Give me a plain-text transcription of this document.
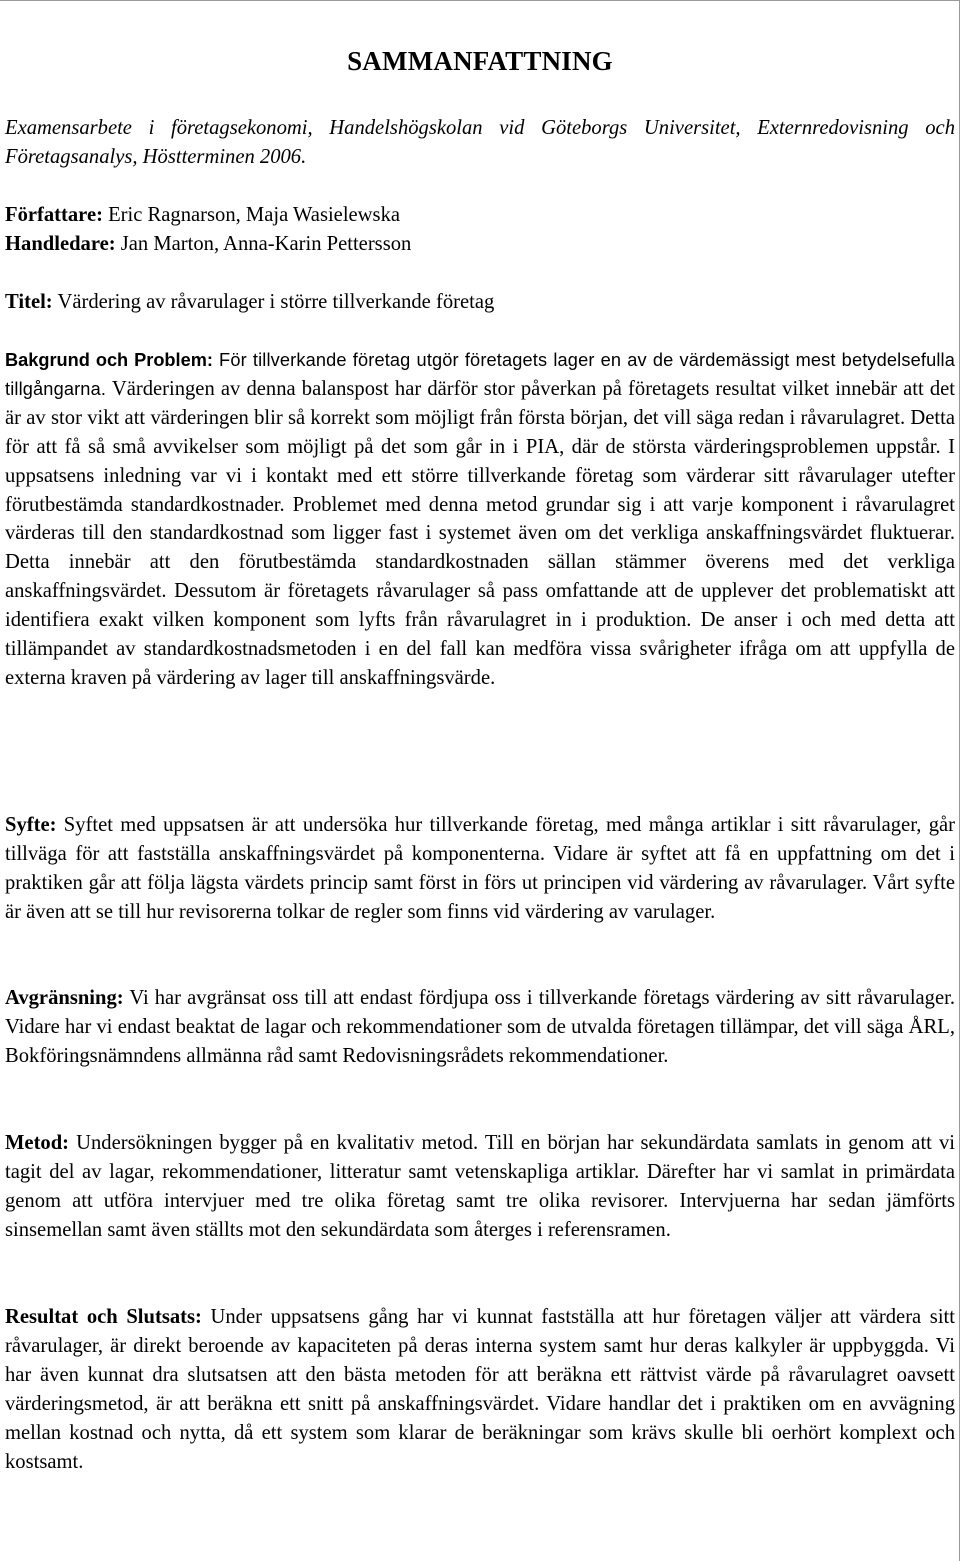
SAMMANFATTNING

Examensarbete i företagsekonomi, Handelshögskolan vid Göteborgs Universitet, Externredovisning och Företagsanalys, Höstterminen 2006.

Författare: Eric Ragnarson, Maja Wasielewska

Handledare: Jan Marton, Anna-Karin Pettersson

Titel: Värdering av råvarulager i större tillverkande företag

Bakgrund och Problem: För tillverkande företag utgör företagets lager en av de värdemässigt mest betydelsefulla tillgångarna. Värderingen av denna balanspost har därför stor påverkan på företagets resultat vilket innebär att det är av stor vikt att värderingen blir så korrekt som möjligt från första början, det vill säga redan i råvarulagret. Detta för att få så små avvikelser som möjligt på det som går in i PIA, där de största värderingsproblemen uppstår. I uppsatsens inledning var vi i kontakt med ett större tillverkande företag som värderar sitt råvarulager utefter förutbestämda standardkostnader. Problemet med denna metod grundar sig i att varje komponent i råvarulagret värderas till den standardkostnad som ligger fast i systemet även om det verkliga anskaffningsvärdet fluktuerar. Detta innebär att den förutbestämda standardkostnaden sällan stämmer överens med det verkliga anskaffningsvärdet. Dessutom är företagets råvarulager så pass omfattande att de upplever det problematiskt att identifiera exakt vilken komponent som lyfts från råvarulagret in i produktion. De anser i och med detta att tillämpandet av standardkostnadsmetoden i en del fall kan medföra vissa svårigheter ifråga om att uppfylla de externa kraven på värdering av lager till anskaffningsvärde.

Syfte: Syftet med uppsatsen är att undersöka hur tillverkande företag, med många artiklar i sitt råvarulager, går tillväga för att fastställa anskaffningsvärdet på komponenterna. Vidare är syftet att få en uppfattning om det i praktiken går att följa lägsta värdets princip samt först in förs ut principen vid värdering av råvarulager. Vårt syfte är även att se till hur revisorerna tolkar de regler som finns vid värdering av varulager.

Avgränsning: Vi har avgränsat oss till att endast fördjupa oss i tillverkande företags värdering av sitt råvarulager. Vidare har vi endast beaktat de lagar och rekommendationer som de utvalda företagen tillämpar, det vill säga ÅRL, Bokföringsnämndens allmänna råd samt Redovisningsrådets rekommendationer.

Metod: Undersökningen bygger på en kvalitativ metod. Till en början har sekundärdata samlats in genom att vi tagit del av lagar, rekommendationer, litteratur samt vetenskapliga artiklar. Därefter har vi samlat in primärdata genom att utföra intervjuer med tre olika företag samt tre olika revisorer. Intervjuerna har sedan jämförts sinsemellan samt även ställts mot den sekundärdata som återges i referensramen.

Resultat och Slutsats: Under uppsatsens gång har vi kunnat fastställa att hur företagen väljer att värdera sitt råvarulager, är direkt beroende av kapaciteten på deras interna system samt hur deras kalkyler är uppbyggda. Vi har även kunnat dra slutsatsen att den bästa metoden för att beräkna ett rättvist värde på råvarulagret oavsett värderingsmetod, är att beräkna ett snitt på anskaffningsvärdet. Vidare handlar det i praktiken om en avvägning mellan kostnad och nytta, då ett system som klarar de beräkningar som krävs skulle bli oerhört komplext och kostsamt.
